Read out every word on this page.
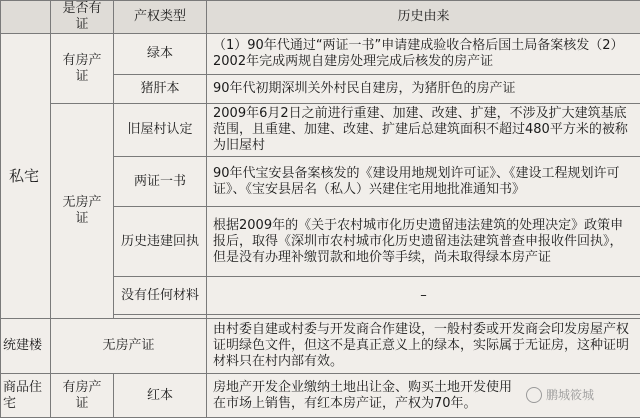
	是否有证	产权类型	历史由来
私宅	有房产证	绿本	（1）90年代通过“两证一书”申请建成验收合格后国土局备案核发（2）2002年完成两规自建房处理完成后核发的房产证
		猪肝本	90年代初期深圳关外村民自建房，为猪肝色的房产证
	无房产证	旧屋村认定	2009年6月2日之前进行重建、加建、改建、扩建，不涉及扩大建筑基底范围，且重建、加建、改建、扩建后总建筑面积不超过480平方米的被称为旧屋村
		两证一书	90年代宝安县备案核发的《建设用地规划许可证》、《建设工程规划许可证》、《宝安县居名（私人）兴建住宅用地批准通知书》
		历史违建回执	根据2009年的《关于农村城市化历史遗留违法建筑的处理决定》政策申报后，取得《深圳市农村城市化历史遗留违法建筑普查申报收件回执》，但是没有办理补缴罚款和地价等手续，尚未取得绿本房产证
		没有任何材料	–

统建楼	无房产证		由村委自建或村委与开发商合作建设，一般村委或开发商会印发房屋产权证明绿色文件，但这不是真正意义上的绿本，实际属于无证房，这种证明材料只在村内部有效。
商品住宅	有房产证	红本	房地产开发企业缴纳土地出让金、购买土地开发使用在市场上销售，有红本房产证，产权为70年。
鹏城筱城
